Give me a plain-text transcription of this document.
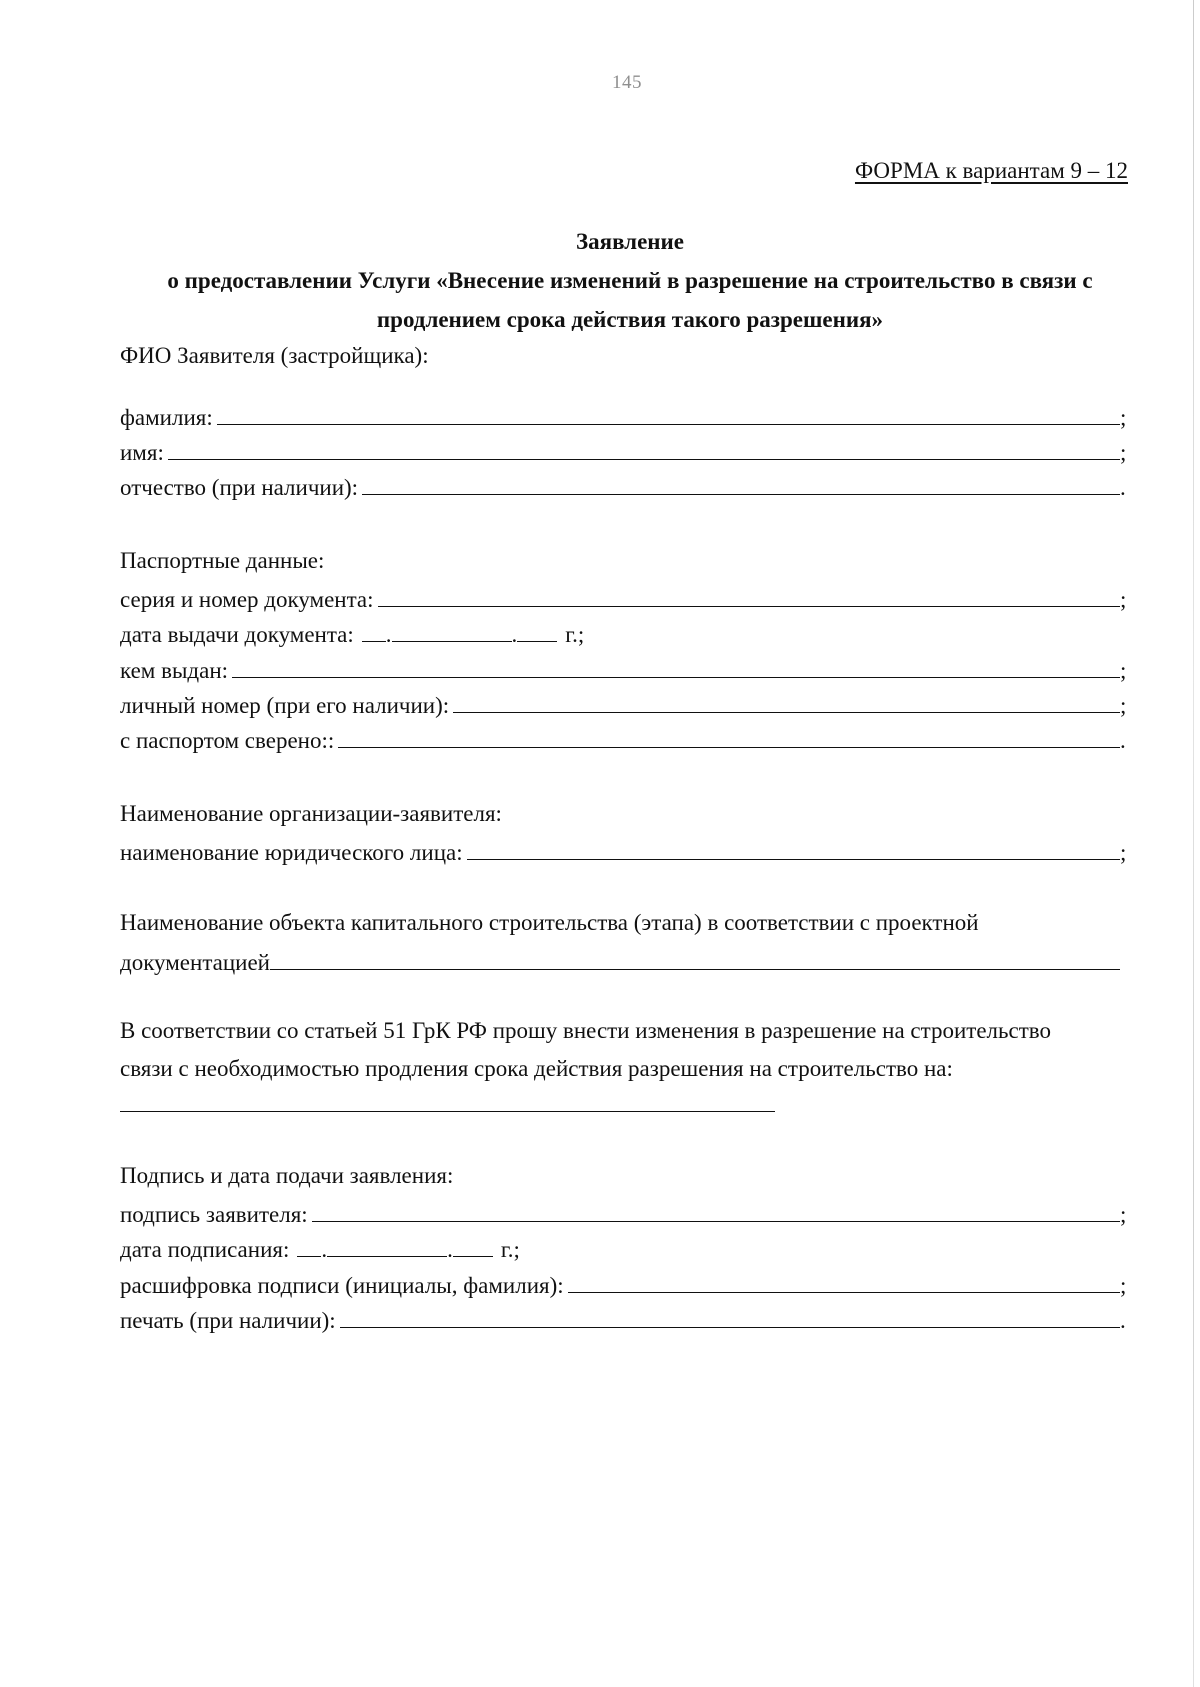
145
ФОРМА к вариантам 9 – 12
Заявление
о предоставлении Услуги «Внесение изменений в разрешение на строительство в связи с
продлением срока действия такого разрешения»
ФИО Заявителя (застройщика):
фамилия:	;
имя:	;
отчество (при наличии):	.
Паспортные данные:
серия и номер документа:	;
дата выдачи документа: .	. г.;
кем выдан:	;
личный номер (при его наличии):	;
с паспортом сверено::	.
Наименование организации-заявителя:
наименование юридического лица:	;
Наименование объекта капитального строительства (этапа) в соответствии с проектной
документацией
В соответствии со статьей 51 ГрК РФ прошу внести изменения в разрешение на строительство
связи с необходимостью продления срока действия разрешения на строительство на:
Подпись и дата подачи заявления:
подпись заявителя:	;
дата подписания: .	. г.;
расшифровка подписи (инициалы, фамилия):	;
печать (при наличии):	.
